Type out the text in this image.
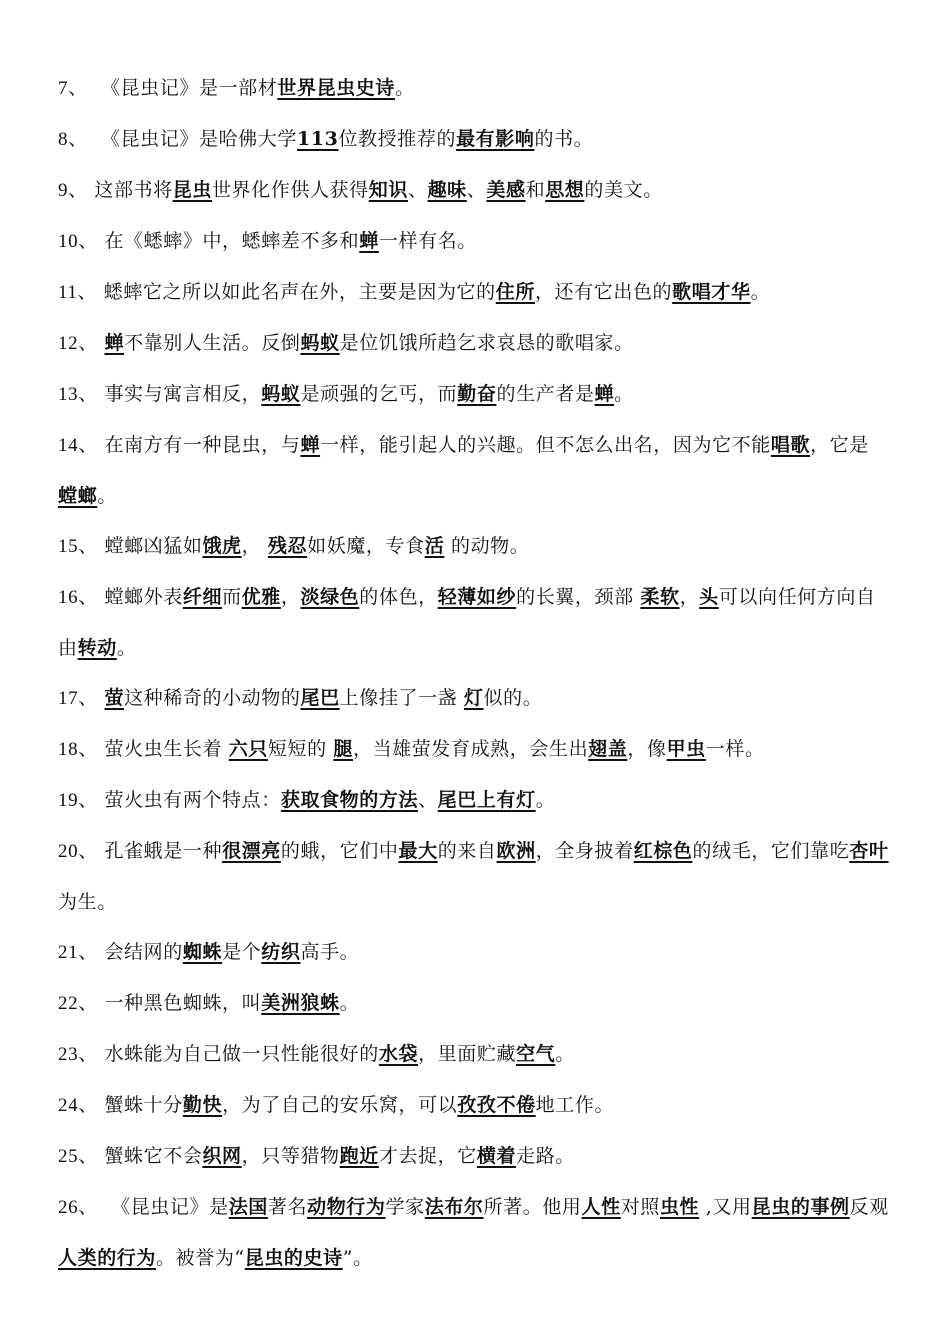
7、  《昆虫记》是一部材世界昆虫史诗。

8、  《昆虫记》是哈佛大学113位教授推荐的最有影响的书。

9、 这部书将昆虫世界化作供人获得知识、趣味、美感和思想的美文。

10、 在《蟋蟀》中，蟋蟀差不多和蝉一样有名。

11、 蟋蟀它之所以如此名声在外，主要是因为它的住所，还有它出色的歌唱才华。

12、 蝉不靠别人生活。反倒蚂蚁是位饥饿所趋乞求哀恳的歌唱家。

13、 事实与寓言相反，蚂蚁是顽强的乞丐，而勤奋的生产者是蝉。

14、 在南方有一种昆虫，与蝉一样，能引起人的兴趣。但不怎么出名，因为它不能唱歌，它是 螳螂。

15、 螳螂凶猛如饿虎， 残忍如妖魔，专食活 的动物。

16、 螳螂外表纤细而优雅，淡绿色的体色，轻薄如纱的长翼，颈部 柔软，头可以向任何方向自由转动。

17、 萤这种稀奇的小动物的尾巴上像挂了一盏 灯似的。

18、 萤火虫生长着 六只短短的 腿，当雄萤发育成熟，会生出翅盖，像甲虫一样。

19、 萤火虫有两个特点：获取食物的方法、尾巴上有灯。

20、 孔雀蛾是一种很漂亮的蛾，它们中最大的来自欧洲，全身披着红棕色的绒毛，它们靠吃杏叶为生。

21、 会结网的蜘蛛是个纺织高手。

22、 一种黑色蜘蛛，叫美洲狼蛛。

23、 水蛛能为自己做一只性能很好的水袋，里面贮藏空气。

24、 蟹蛛十分勤快，为了自己的安乐窝，可以孜孜不倦地工作。

25、 蟹蛛它不会织网，只等猎物跑近才去捉，它横着走路。

26、  《昆虫记》是法国著名动物行为学家法布尔所著。他用人性对照虫性 ,又用昆虫的事例反观人类的行为。被誉为“昆虫的史诗”。
